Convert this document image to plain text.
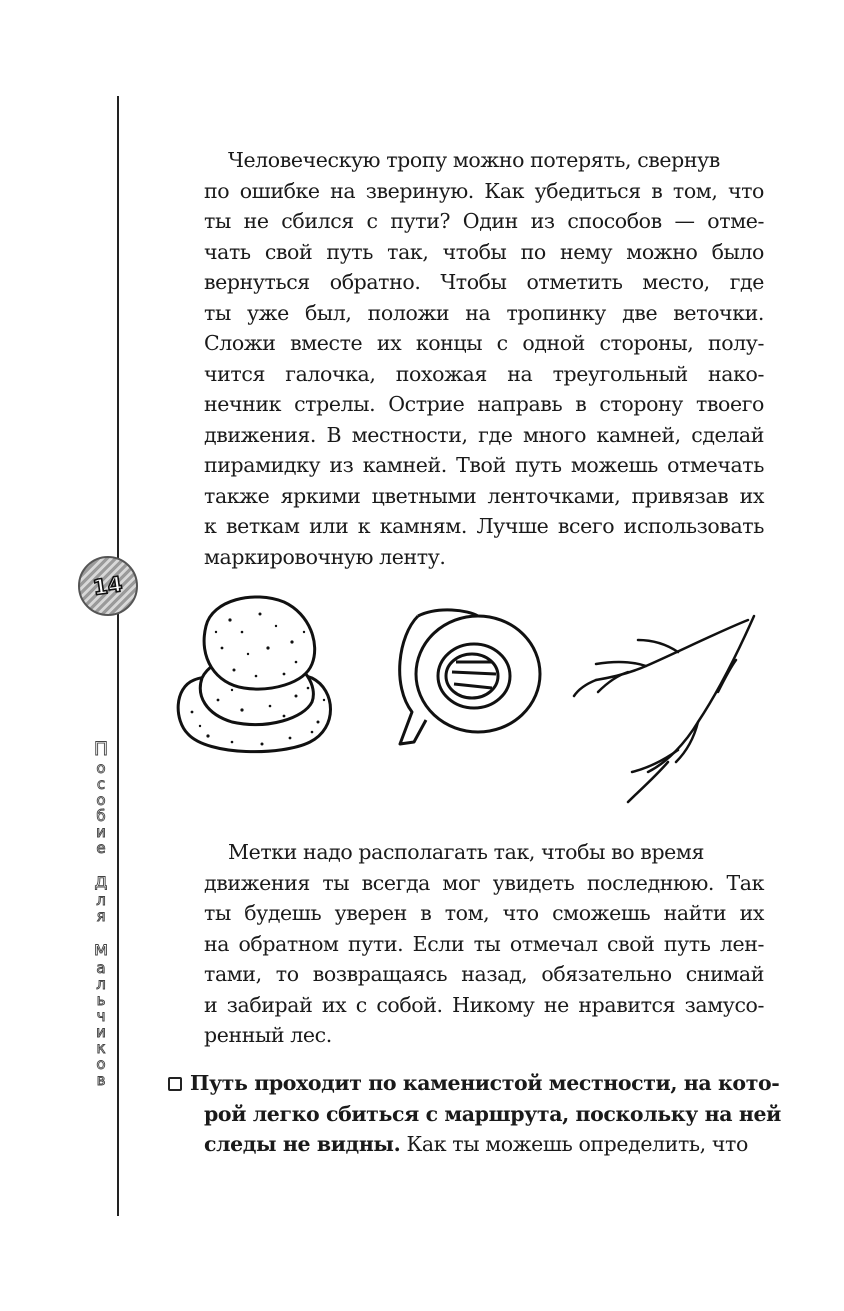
14
П
о
с
о
б
и
е
д
л
я
м
а
л
ь
ч
и
к
о
в
Человеческую тропу можно потерять, свернув
по ошибке на звериную. Как убедиться в том, что
ты не сбился с пути? Один из способов — отме-
чать свой путь так, чтобы по нему можно было
вернуться обратно. Чтобы отметить место, где
ты уже был, положи на тропинку две веточки.
Сложи вместе их концы с одной стороны, полу-
чится галочка, похожая на треугольный нако-
нечник стрелы. Острие направь в сторону твоего
движения. В местности, где много камней, сделай
пирамидку из камней. Твой путь можешь отмечать
также яркими цветными ленточками, привязав их
к веткам или к камням. Лучше всего использовать
маркировочную ленту.
Метки надо располагать так, чтобы во время
движения ты всегда мог увидеть последнюю. Так
ты будешь уверен в том, что сможешь найти их
на обратном пути. Если ты отмечал свой путь лен-
тами, то возвращаясь назад, обязательно снимай
и забирай их с собой. Никому не нравится замусо-
ренный лес.
Путь проходит по каменистой местности, на кото-
рой легко сбиться с маршрута, поскольку на ней
следы не видны. Как ты можешь определить, что
